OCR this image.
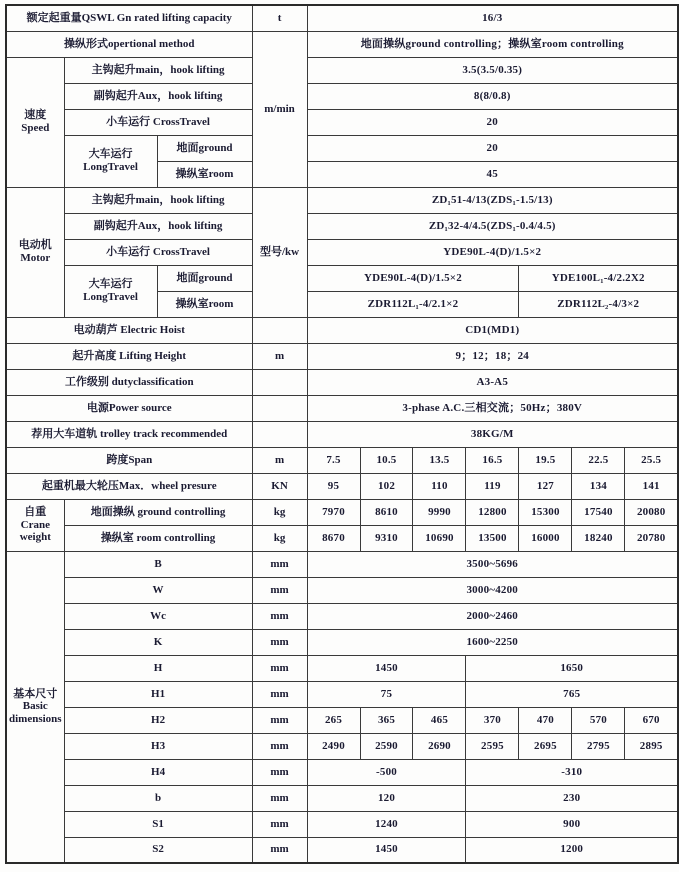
额定起重量QSWL Gn rated lifting capacity			t	16/3						
操纵形式opertional method			m/min	地面操纵ground controlling；操纵室room controlling						

速度
Speed	主钩起升main，hook lifting			3.5(3.5/0.35)						
	副钩起升Aux，hook lifting			8(8/0.8)						
	小车运行 CrossTravel			20						

	大车运行
LongTravel	地面ground		20						
		操纵室room		45						

电动机
Motor	主钩起升main，hook lifting		型号/kw	ZD₁51-4/13(ZDS₁-1.5/13)						
	副钩起升Aux，hook lifting			ZD₁32-4/4.5(ZDS₁-0.4/4.5)						
	小车运行 CrossTravel			YDE90L-4(D)/1.5×2						

	大车运行
LongTravel	地面ground		YDE90L-4(D)/1.5×2				YDE100L₁-4/2.2X2		
		操纵室room		ZDR112L₁-4/2.1×2				ZDR112L₂-4/3×2		
电动葫芦 Electric Hoist				CD1(MD1)						
起升高度 Lifting Height			m	9；12；18；24						
工作级别 dutyclassification				A3-A5						
电源Power source				3-phase A.C.三相交流；50Hz；380V						
荐用大车道轨 trolley track recommended				38KG/M						
跨度Span			m	7.5	10.5	13.5	16.5	19.5	22.5	25.5
起重机最大轮压Max．wheel presure			KN	95	102	110	119	127	134	141

自重
Crane weight	地面操纵 ground controlling		kg	7970	8610	9990	12800	15300	17540	20080
	操纵室 room controlling		kg	8670	9310	10690	13500	16000	18240	20780

基本尺寸
Basic dimensions	B		mm	3500~5696						
	W		mm	3000~4200						
	Wc		mm	2000~2460						
	K		mm	1600~2250						
	H		mm	1450			1650			
	H1		mm	75			765			
	H2		mm	265	365	465	370	470	570	670
	H3		mm	2490	2590	2690	2595	2695	2795	2895
	H4		mm	-500			-310			
	b		mm	120			230			
	S1		mm	1240			900			
	S2		mm	1450			1200			
